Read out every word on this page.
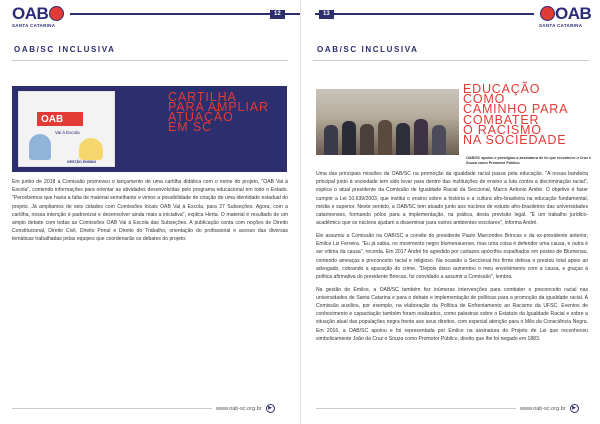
OAB
SANTA CATARINA
12
OAB/SC INCLUSIVA
OAB
Vai à Escola
GESTÃO ENSINO
CARTILHA
PARA AMPLIAR
ATUAÇÃO
EM SC

Em junho de 2018 a Comissão promoveu o lançamento de uma cartilha didática com o nome do projeto, "OAB Vai à Escola", contendo informações para orientar as atividades desenvolvidas pelo programa educacional em todo o Estado. "Percebemos que havia a falta de material semelhante e vimos a possibilidade de criação de uma identidade estadual do projeto. Já ampliamos de seis cidades com Comissões locais OAB Vai à Escola, para 27 Subseções. Agora, com a cartilha, nossa intenção é padronizar e desenvolver ainda mais a iniciativa", explica Herta. O material é resultado de um amplo debate com todas as Comissões OAB Vai à Escola das Subseções. A publicação conta com noções de Direito Constitucional, Direito Civil, Direito Penal e Direito do Trabalho, orientação do profissional e acesso das diversas temáticas trabalhadas pelas equipes que coordenarão os debates do projeto.

www.oab-sc.org.br	▶
13	OAB
SANTA CATARINA
OAB/SC INCLUSIVA
EDUCAÇÃO
COMO
CAMINHO PARA
COMBATER
O RACISMO
NA SOCIEDADE
OAB/SC apoiou e prestigiou a assinatura de lei que reconhece o Cruz e Souza como Promotor Público

Uma das principais missões da OAB/SC na promoção da igualdade racial passa pela educação. "A nossa bandeira principal junto à sociedade tem sido levar para dentro das instituições de ensino a luta contra a discriminação racial", explica o atual presidente da Comissão de Igualdade Racial da Seccional, Marco Antonio André. O objetivo é fazer cumprir a Lei 10.639/2003, que institui o ensino sobre a história e a cultura afro-brasileira na educação fundamental, média e superior. Neste sentido, a OAB/SC tem atuado junto aos núcleos de estudo afro-brasileiros das universidades catarinenses, formando pólos para a implementação, na prática, desta previsão legal. "É um trabalho jurídico-acadêmico que os núcleos ajudam a disseminar para outros ambientes escolares", informa André.

Ele assumiu a Comissão na OAB/SC a convite do presidente Paulo Marcondes Brincas e da ex-presidente anterior, Emilce Liz Ferreira. "Eu já sabia, no movimento negro blumenauense, mas uma coisa é defender uma causa, e outra é ser vítima da causa", recorda. Em 2017 André foi agredido por cartazes apócrifos espalhados em postes de Blumenau, contendo ameaças e preconceito racial e religioso. Na ocasião a Seccional fez firme defesa e prestou total apoio ao advogado, cobrando a apuração do crime. "Depois disso aumentou o meu envolvimento com a causa, e graças à política afirmativa do presidente Brincas, fui convidado a assumir a Comissão", lembra.

Na gestão de Emilce, a OAB/SC também fez inúmeras intervenções para combater o preconceito racial nas universidades de Santa Catarina e para o debate e implementação de políticas para a promoção da igualdade racial. A Comissão auxiliou, por exemplo, na elaboração da Política de Enfrentamento ao Racismo da UFSC. Eventos de conhecimento e capacitação também foram realizados, como palestras sobre o Estatuto da Igualdade Racial e sobre a situação atual das populações negra frente aos seus direitos, com especial atenção para o Mês da Consciência Negra. Em 2016, a OAB/SC apoiou e foi representada por Emilce na assinatura do Projeto de Lei que reconheceu simbolicamente João da Cruz e Souza como Promotor Público, direito que lhe foi negado em 1883.

www.oab-sc.org.br	▶
